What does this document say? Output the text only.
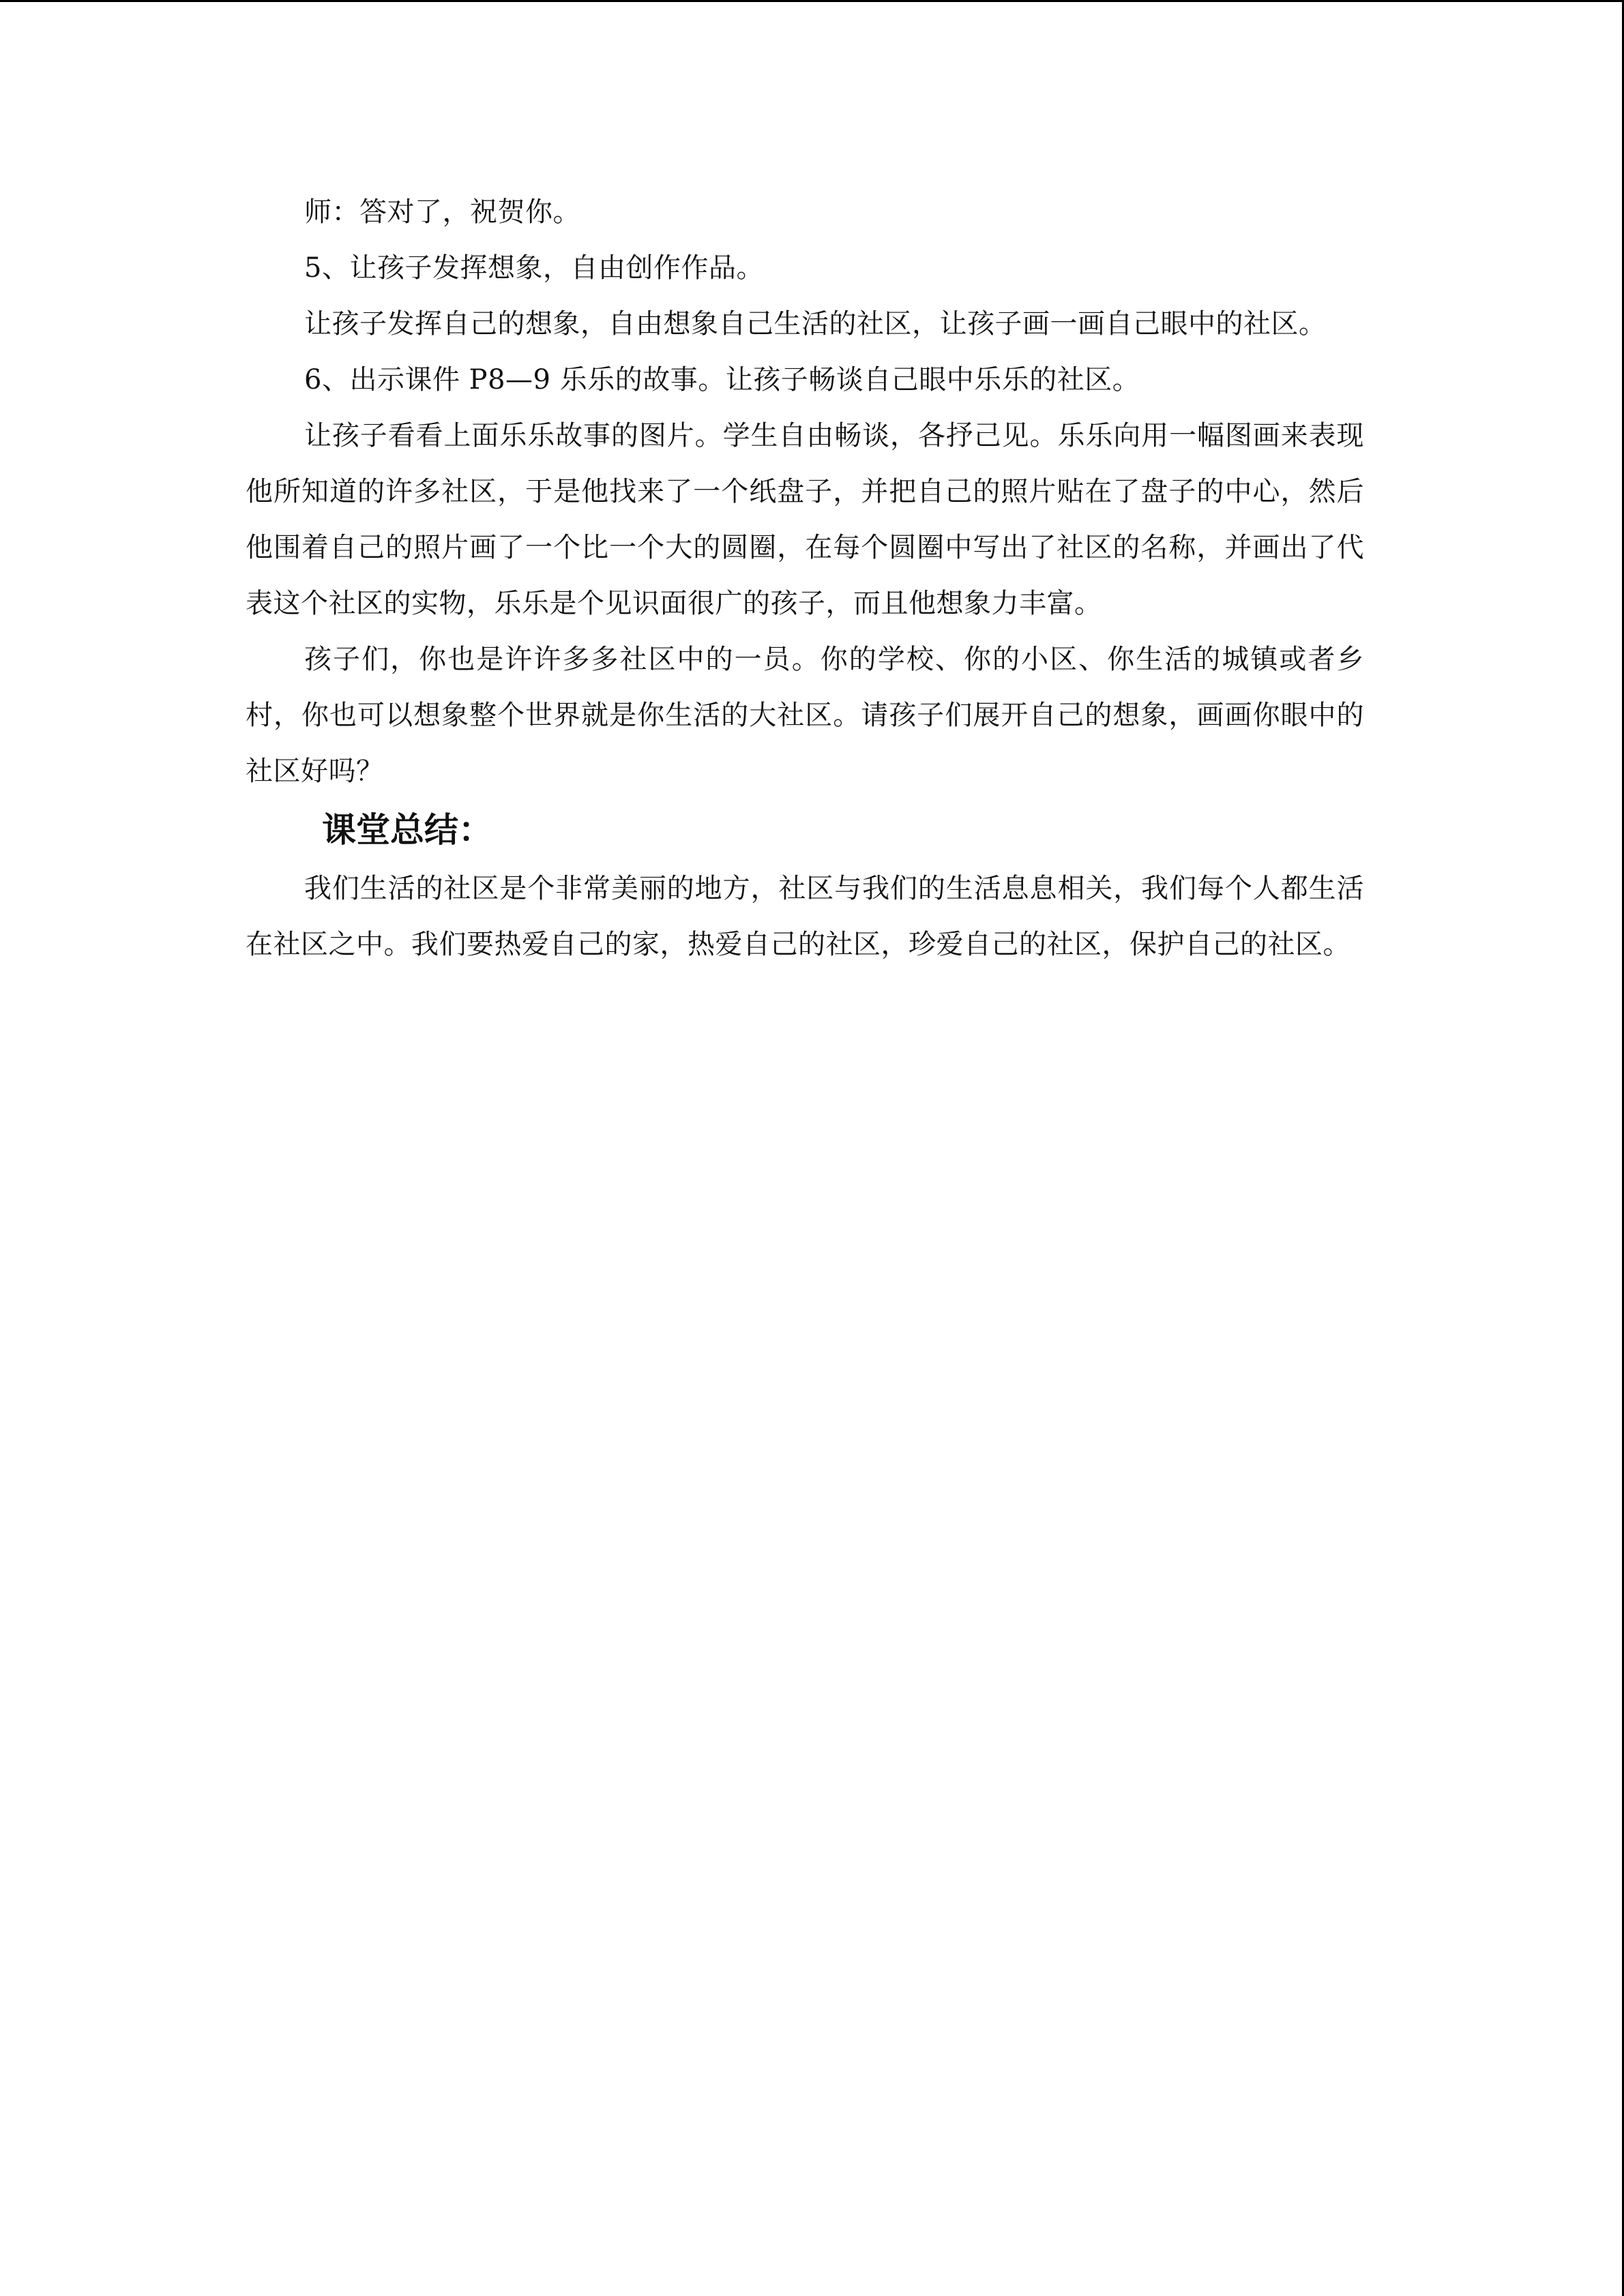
师：答对了，祝贺你。

5、让孩子发挥想象，自由创作作品。

让孩子发挥自己的想象，自由想象自己生活的社区，让孩子画一画自己眼中的社区。

6、出示课件 P8—9 乐乐的故事。让孩子畅谈自己眼中乐乐的社区。

让孩子看看上面乐乐故事的图片。学生自由畅谈，各抒己见。乐乐向用一幅图画来表现他所知道的许多社区，于是他找来了一个纸盘子，并把自己的照片贴在了盘子的中心，然后他围着自己的照片画了一个比一个大的圆圈，在每个圆圈中写出了社区的名称，并画出了代表这个社区的实物，乐乐是个见识面很广的孩子，而且他想象力丰富。

孩子们，你也是许许多多社区中的一员。你的学校、你的小区、你生活的城镇或者乡村，你也可以想象整个世界就是你生活的大社区。请孩子们展开自己的想象，画画你眼中的社区好吗？

课堂总结：

我们生活的社区是个非常美丽的地方，社区与我们的生活息息相关，我们每个人都生活在社区之中。我们要热爱自己的家，热爱自己的社区，珍爱自己的社区，保护自己的社区。
